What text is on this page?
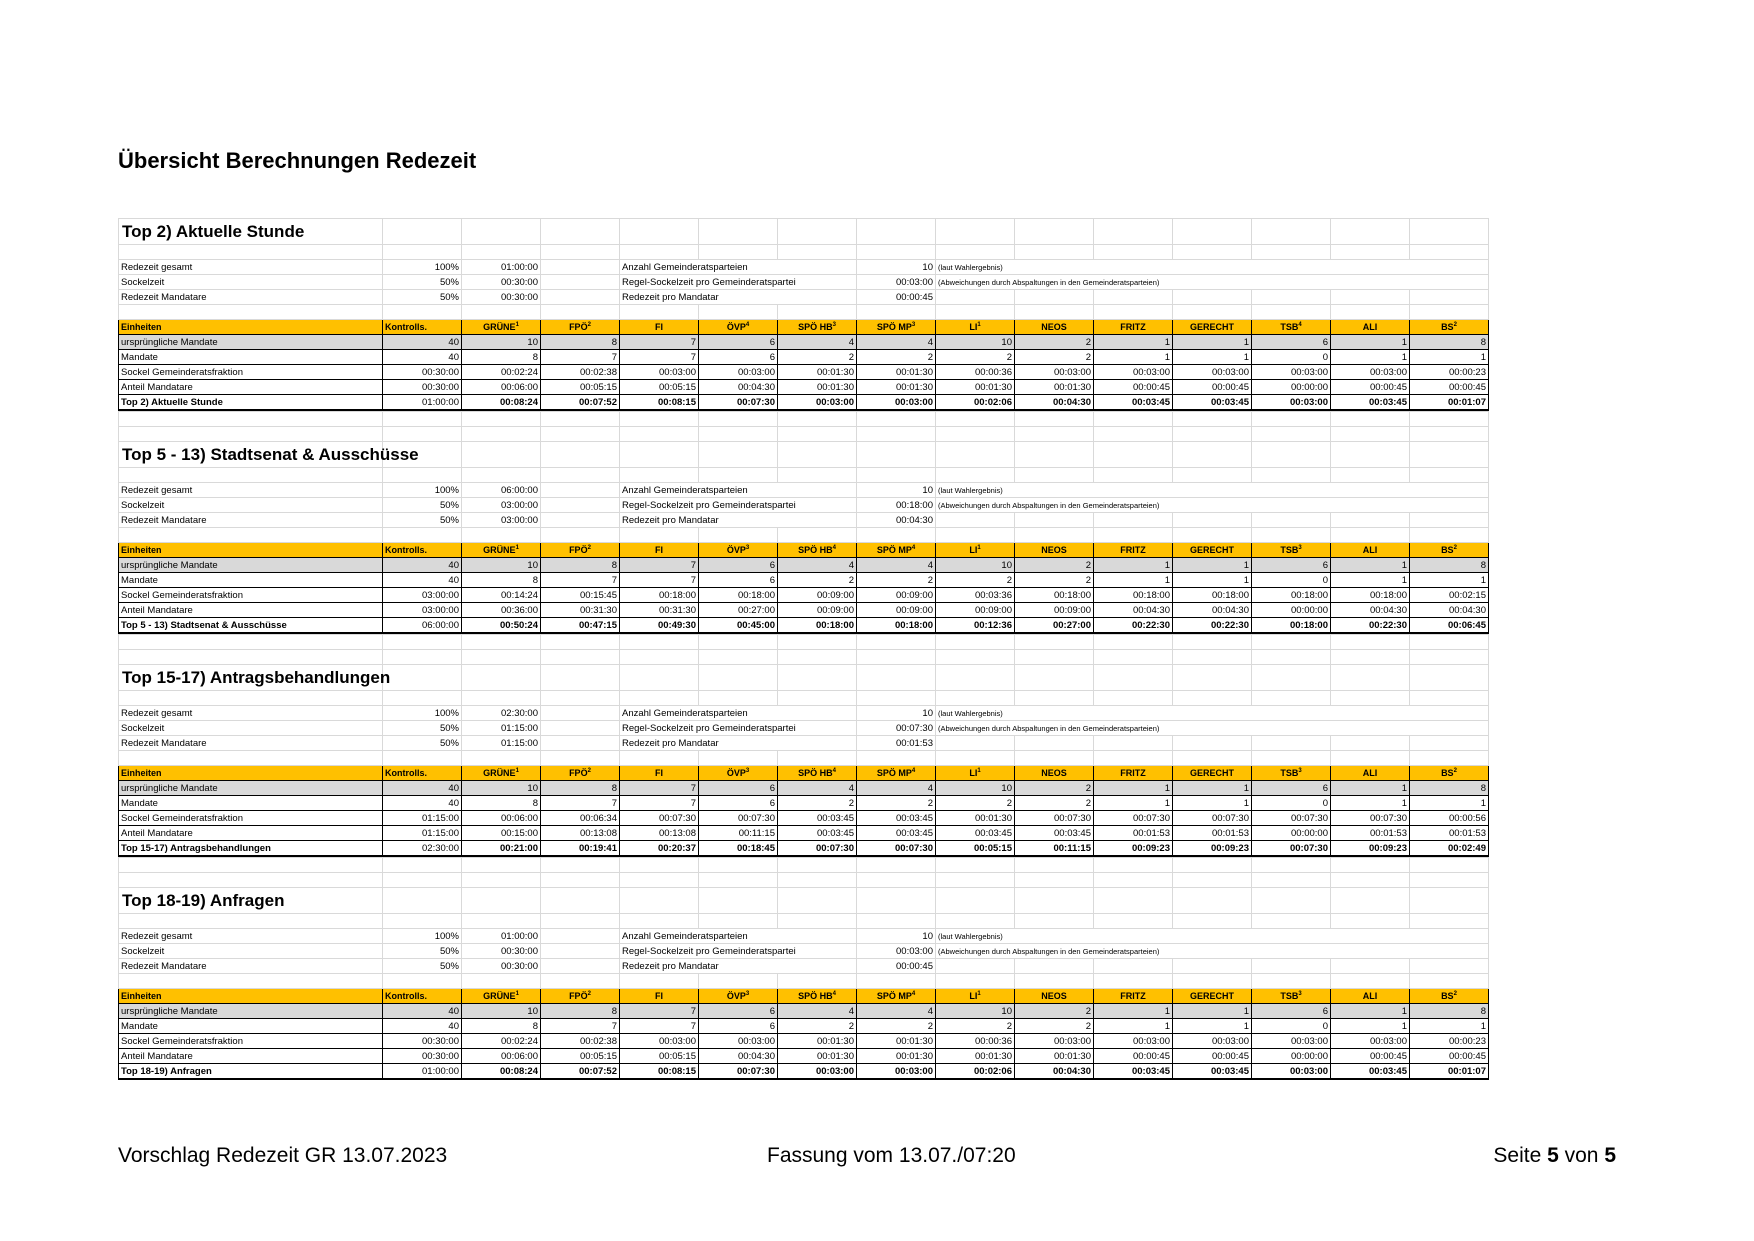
Übersicht Berechnungen Redezeit
Top 2) Aktuelle Stunde														

Redezeit gesamt	100%	01:00:00		Anzahl Gemeinderatsparteien			10	(laut Wahlergebnis)						
Sockelzeit	50%	00:30:00		Regel-Sockelzeit pro Gemeinderatspartei			00:03:00	(Abweichungen durch Abspaltungen in den Gemeinderatsparteien)						
Redezeit Mandatare	50%	00:30:00		Redezeit pro Mandatar			00:00:45							

Einheiten	Kontrolls.	GRÜNE$^1$	FPÖ$^2$	FI	ÖVP$^4$	SPÖ $HB^3$	SPÖ $MP^3$	$LI^1$	NEOS	FRITZ	GERECHT	TSB$^4$	ALI	$BS^2$
ursprüngliche Mandate	40	10	8	7	6	4	4	10	2	1	1	6	1	8
Mandate	40	8	7	7	6	2	2	2	2	1	1	0	1	1
Sockel Gemeinderatsfraktion	00:30:00	00:02:24	00:02:38	00:03:00	00:03:00	00:01:30	00:01:30	00:00:36	00:03:00	00:03:00	00:03:00	00:03:00	00:03:00	00:00:23
Anteil Mandatare	00:30:00	00:06:00	00:05:15	00:05:15	00:04:30	00:01:30	00:01:30	00:01:30	00:01:30	00:00:45	00:00:45	00:00:00	00:00:45	00:00:45
Top 2) Aktuelle Stunde	01:00:00	00:08:24	00:07:52	00:08:15	00:07:30	00:03:00	00:03:00	00:02:06	00:04:30	00:03:45	00:03:45	00:03:00	00:03:45	00:01:07

Top 5 - 13) Stadtsenat & Ausschüsse														

Redezeit gesamt	100%	06:00:00		Anzahl Gemeinderatsparteien			10	(laut Wahlergebnis)						
Sockelzeit	50%	03:00:00		Regel-Sockelzeit pro Gemeinderatspartei			00:18:00	(Abweichungen durch Abspaltungen in den Gemeinderatsparteien)						
Redezeit Mandatare	50%	03:00:00		Redezeit pro Mandatar			00:04:30							

Einheiten	Kontrolls.	GRÜNE$^1$	FPÖ$^2$	FI	ÖVP$^3$	SPÖ $HB^4$	SPÖ $MP^4$	$LI^1$	NEOS	FRITZ	GERECHT	TSB$^3$	ALI	$BS^2$
ursprüngliche Mandate	40	10	8	7	6	4	4	10	2	1	1	6	1	8
Mandate	40	8	7	7	6	2	2	2	2	1	1	0	1	1
Sockel Gemeinderatsfraktion	03:00:00	00:14:24	00:15:45	00:18:00	00:18:00	00:09:00	00:09:00	00:03:36	00:18:00	00:18:00	00:18:00	00:18:00	00:18:00	00:02:15
Anteil Mandatare	03:00:00	00:36:00	00:31:30	00:31:30	00:27:00	00:09:00	00:09:00	00:09:00	00:09:00	00:04:30	00:04:30	00:00:00	00:04:30	00:04:30
Top 5 - 13) Stadtsenat & Ausschüsse	06:00:00	00:50:24	00:47:15	00:49:30	00:45:00	00:18:00	00:18:00	00:12:36	00:27:00	00:22:30	00:22:30	00:18:00	00:22:30	00:06:45

Top 15-17) Antragsbehandlungen														

Redezeit gesamt	100%	02:30:00		Anzahl Gemeinderatsparteien			10	(laut Wahlergebnis)						
Sockelzeit	50%	01:15:00		Regel-Sockelzeit pro Gemeinderatspartei			00:07:30	(Abweichungen durch Abspaltungen in den Gemeinderatsparteien)						
Redezeit Mandatare	50%	01:15:00		Redezeit pro Mandatar			00:01:53							

Einheiten	Kontrolls.	GRÜNE$^1$	FPÖ$^2$	FI	ÖVP$^3$	SPÖ $HB^4$	SPÖ $MP^4$	$LI^1$	NEOS	FRITZ	GERECHT	TSB$^3$	ALI	$BS^2$
ursprüngliche Mandate	40	10	8	7	6	4	4	10	2	1	1	6	1	8
Mandate	40	8	7	7	6	2	2	2	2	1	1	0	1	1
Sockel Gemeinderatsfraktion	01:15:00	00:06:00	00:06:34	00:07:30	00:07:30	00:03:45	00:03:45	00:01:30	00:07:30	00:07:30	00:07:30	00:07:30	00:07:30	00:00:56
Anteil Mandatare	01:15:00	00:15:00	00:13:08	00:13:08	00:11:15	00:03:45	00:03:45	00:03:45	00:03:45	00:01:53	00:01:53	00:00:00	00:01:53	00:01:53
Top 15-17) Antragsbehandlungen	02:30:00	00:21:00	00:19:41	00:20:37	00:18:45	00:07:30	00:07:30	00:05:15	00:11:15	00:09:23	00:09:23	00:07:30	00:09:23	00:02:49

Top 18-19) Anfragen														

Redezeit gesamt	100%	01:00:00		Anzahl Gemeinderatsparteien			10	(laut Wahlergebnis)						
Sockelzeit	50%	00:30:00		Regel-Sockelzeit pro Gemeinderatspartei			00:03:00	(Abweichungen durch Abspaltungen in den Gemeinderatsparteien)						
Redezeit Mandatare	50%	00:30:00		Redezeit pro Mandatar			00:00:45							

Einheiten	Kontrolls.	GRÜNE$^1$	FPÖ$^2$	FI	ÖVP$^3$	SPÖ $HB^4$	SPÖ $MP^4$	$LI^1$	NEOS	FRITZ	GERECHT	TSB$^3$	ALI	$BS^2$
ursprüngliche Mandate	40	10	8	7	6	4	4	10	2	1	1	6	1	8
Mandate	40	8	7	7	6	2	2	2	2	1	1	0	1	1
Sockel Gemeinderatsfraktion	00:30:00	00:02:24	00:02:38	00:03:00	00:03:00	00:01:30	00:01:30	00:00:36	00:03:00	00:03:00	00:03:00	00:03:00	00:03:00	00:00:23
Anteil Mandatare	00:30:00	00:06:00	00:05:15	00:05:15	00:04:30	00:01:30	00:01:30	00:01:30	00:01:30	00:00:45	00:00:45	00:00:00	00:00:45	00:00:45
Top 18-19) Anfragen	01:00:00	00:08:24	00:07:52	00:08:15	00:07:30	00:03:00	00:03:00	00:02:06	00:04:30	00:03:45	00:03:45	00:03:00	00:03:45	00:01:07
Vorschlag Redezeit GR 13.07.2023	Fassung vom 13.07./07:20	Seite 5 von 5
